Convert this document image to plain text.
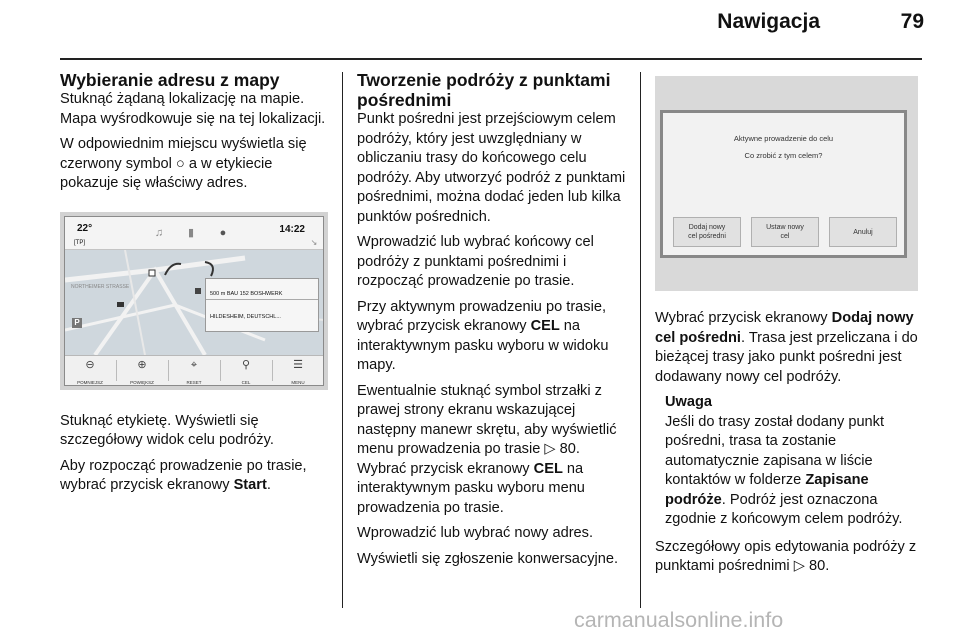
Nawigacja	79
Wybieranie adresu z mapy

Stuknąć żądaną lokalizację na mapie. Mapa wyśrodkowuje się na tej lokalizacji.

W odpowiednim miejscu wyświetla się czerwony symbol ○ a w etykiecie pokazuje się właściwy adres.

22°
[TP]
♫	▮	●	14:22
↘
NORTHEIMER STRASSE
P
500 m BAU 152 BOSHWERK
HILDESHEIM, DEUTSCHL...
⊖
POMNIEJSZ
⊕
POWIĘKSZ
⌖
RESET
⚲
CEL
☰
MENU

Stuknąć etykietę. Wyświetli się szczegółowy widok celu podróży.

Aby rozpocząć prowadzenie po trasie, wybrać przycisk ekranowy Start.

Tworzenie podróży z punktami pośrednimi

Punkt pośredni jest przejściowym celem podróży, który jest uwzględniany w obliczaniu trasy do końcowego celu podróży. Aby utworzyć podróż z punktami pośrednimi, można dodać jeden lub kilka punktów pośrednich.

Wprowadzić lub wybrać końcowy cel podróży z punktami pośrednimi i rozpocząć prowadzenie po trasie.

Przy aktywnym prowadzeniu po trasie, wybrać przycisk ekranowy CEL na interaktywnym pasku wyboru w widoku mapy.

Ewentualnie stuknąć symbol strzałki z prawej strony ekranu wskazującej następny manewr skrętu, aby wyświetlić menu prowadzenia po trasie ▷ 80. Wybrać przycisk ekranowy CEL na interaktywnym pasku wyboru menu prowadzenia po trasie.

Wprowadzić lub wybrać nowy adres.

Wyświetli się zgłoszenie konwersacyjne.

Aktywne prowadzenie do celu
Co zrobić z tym celem?
Dodaj nowy
cel pośredni
Ustaw nowy
cel
Anuluj

Wybrać przycisk ekranowy Dodaj nowy cel pośredni. Trasa jest przeliczana i do bieżącej trasy jako punkt pośredni jest dodawany nowy cel podróży.

Uwaga
Jeśli do trasy został dodany punkt pośredni, trasa ta zostanie automatycznie zapisana w liście kontaktów w folderze Zapisane podróże. Podróż jest oznaczona zgodnie z końcowym celem podróży.

Szczegółowy opis edytowania podróży z punktami pośrednimi ▷ 80.

carmanualsonline.info
